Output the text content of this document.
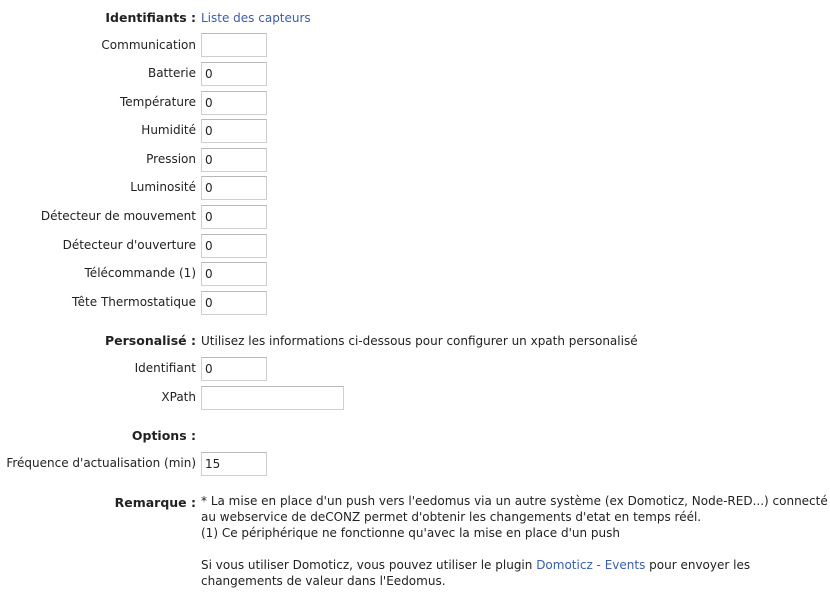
Identifiants : Liste des capteurs
Communication
Batterie 0
Température 0
Humidité 0
Pression 0
Luminosité 0
Détecteur de mouvement 0
Détecteur d'ouverture 0
Télécommande (1) 0
Tête Thermostatique 0
Personalisé : Utilisez les informations ci-dessous pour configurer un xpath personalisé
Identifiant 0
XPath
Options :
Fréquence d'actualisation (min) 15
Remarque : * La mise en place d'un push vers l'eedomus via un autre système (ex Domoticz, Node-RED...) connecté au webservice de deCONZ permet d'obtenir les changements d'etat en temps réél.

(1) Ce périphérique ne fonctionne qu'avec la mise en place d'un push

Si vous utiliser Domoticz, vous pouvez utiliser le plugin Domoticz - Events pour envoyer les changements de valeur dans l'Eedomus.
